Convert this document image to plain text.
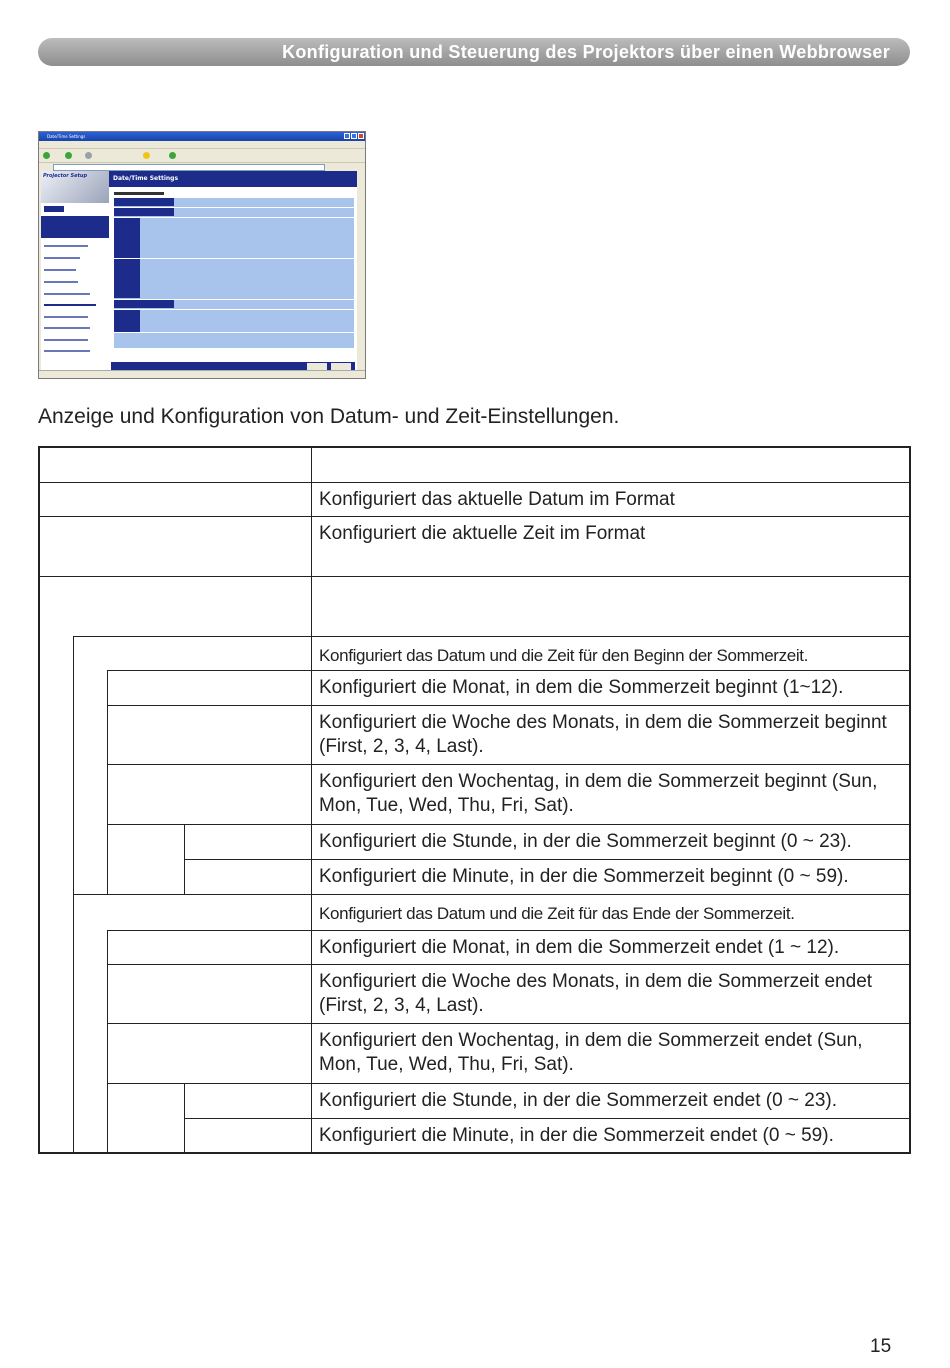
Konfiguration und Steuerung des Projektors über einen Webbrowser
Date/Time Settings
Projector Setup	Date/Time Settings
Anzeige und Konfiguration von Datum- und Zeit-Einstellungen.
Konfiguriert das aktuelle Datum im Format
Konfiguriert die aktuelle Zeit im Format
Konfiguriert das Datum und die Zeit für den Beginn der Sommerzeit.
Konfiguriert die Monat, in dem die Sommerzeit beginnt (1~12).
Konfiguriert die Woche des Monats, in dem die Sommerzeit beginnt (First, 2, 3, 4, Last).
Konfiguriert den Wochentag, in dem die Sommerzeit beginnt (Sun, Mon, Tue, Wed, Thu, Fri, Sat).
Konfiguriert die Stunde, in der die Sommerzeit beginnt (0 ~ 23).
Konfiguriert die Minute, in der die Sommerzeit beginnt (0 ~ 59).
Konfiguriert das Datum und die Zeit für das Ende der Sommerzeit.
Konfiguriert die Monat, in dem die Sommerzeit endet (1 ~ 12).
Konfiguriert die Woche des Monats, in dem die Sommerzeit endet (First, 2, 3, 4, Last).
Konfiguriert den Wochentag, in dem die Sommerzeit endet (Sun, Mon, Tue, Wed, Thu, Fri, Sat).
Konfiguriert die Stunde, in der die Sommerzeit endet (0 ~ 23).
Konfiguriert die Minute, in der die Sommerzeit endet (0 ~ 59).
15
